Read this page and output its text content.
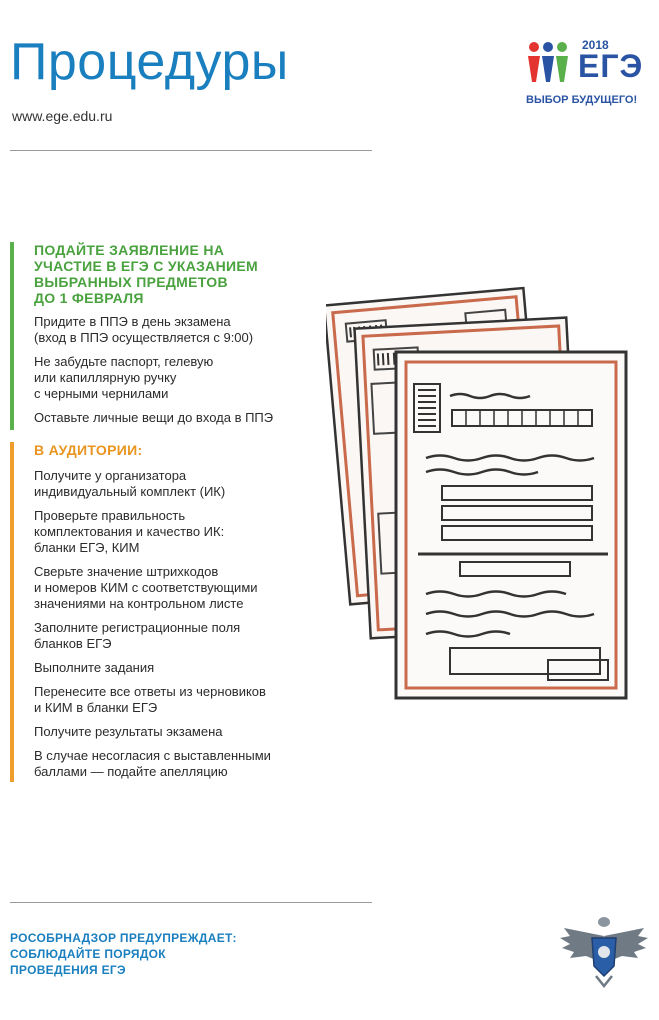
Процедуры
www.ege.edu.ru
2018
ЕГЭ
ВЫБОР БУДУЩЕГО!
ПОДАЙТЕ ЗАЯВЛЕНИЕ НА
УЧАСТИЕ В ЕГЭ С УКАЗАНИЕМ
ВЫБРАННЫХ ПРЕДМЕТОВ
ДО 1 ФЕВРАЛЯ
Придите в ППЭ в день экзамена
(вход в ППЭ осуществляется с 9:00)
Не забудьте паспорт, гелевую
или капиллярную ручку
с черными чернилами
Оставьте личные вещи до входа в ППЭ
В АУДИТОРИИ:
Получите у организатора
индивидуальный комплект (ИК)
Проверьте правильность
комплектования и качество ИК:
бланки ЕГЭ, КИМ
Сверьте значение штрихкодов
и номеров КИМ с соответствующими
значениями на контрольном листе
Заполните регистрационные поля
бланков ЕГЭ
Выполните задания
Перенесите все ответы из черновиков
и КИМ в бланки ЕГЭ
Получите результаты экзамена
В случае несогласия с выставленными
баллами — подайте апелляцию
РОСОБРНАДЗОР ПРЕДУПРЕЖДАЕТ:
СОБЛЮДАЙТЕ ПОРЯДОК
ПРОВЕДЕНИЯ ЕГЭ
